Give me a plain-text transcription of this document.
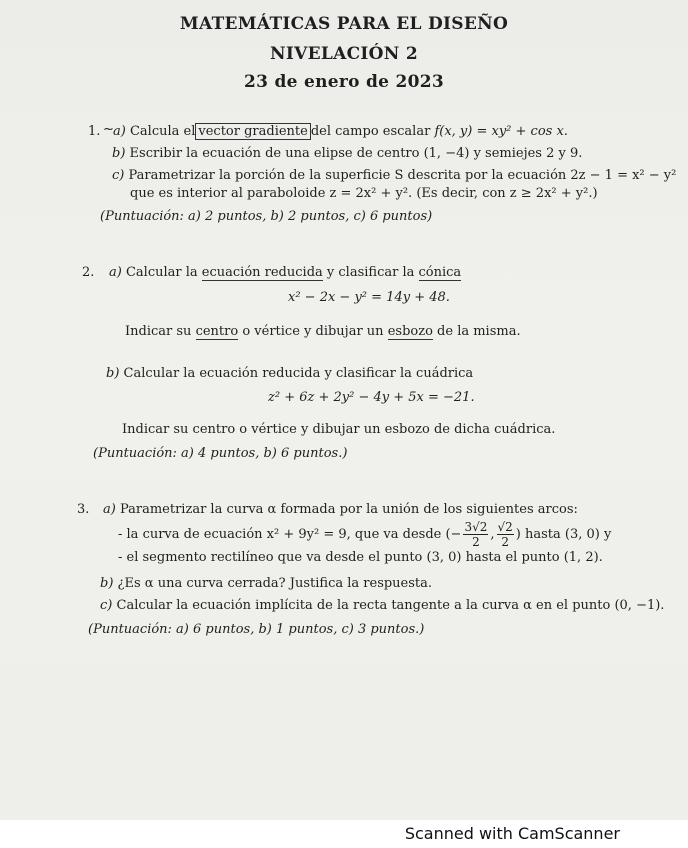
MATEMÁTICAS PARA EL DISEÑO
NIVELACIÓN 2
23 de enero de 2023
1. ~ a) Calcula el vector gradiente del campo escalar f(x, y) = xy² + cos x.
b) Escribir la ecuación de una elipse de centro (1, −4) y semiejes 2 y 9.
c) Parametrizar la porción de la superficie S descrita por la ecuación 2z − 1 = x² − y²
que es interior al paraboloide z = 2x² + y². (Es decir, con z ≥ 2x² + y².)
(Puntuación: a) 2 puntos, b) 2 puntos, c) 6 puntos)
2. a) Calcular la ecuación reducida y clasificar la cónica
x² − 2x − y² = 14y + 48.
Indicar su centro o vértice y dibujar un esbozo de la misma.
b) Calcular la ecuación reducida y clasificar la cuádrica
z² + 6z + 2y² − 4y + 5x = −21.
Indicar su centro o vértice y dibujar un esbozo de dicha cuádrica.
(Puntuación: a) 4 puntos, b) 6 puntos.)
3. a) Parametrizar la curva α formada por la unión de los siguientes arcos:
- la curva de ecuación x² + 9y² = 9, que va desde (− $\frac{3√2}{2}$ , $\frac{√2}{2}$ ) hasta (3, 0) y
- el segmento rectilíneo que va desde el punto (3, 0) hasta el punto (1, 2).
b) ¿Es α una curva cerrada? Justifica la respuesta.
c) Calcular la ecuación implícita de la recta tangente a la curva α en el punto (0, −1).
(Puntuación: a) 6 puntos, b) 1 puntos, c) 3 puntos.)
Scanned with CamScanner
